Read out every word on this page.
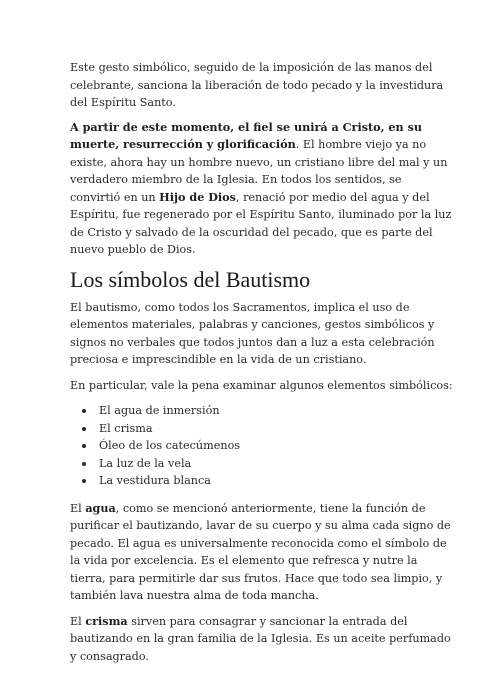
Este gesto simbólico, seguido de la imposición de las manos del celebrante, sanciona la liberación de todo pecado y la investidura del Espíritu Santo.

A partir de este momento, el fiel se unirá a Cristo, en su muerte, resurrección y glorificación. El hombre viejo ya no existe, ahora hay un hombre nuevo, un cristiano libre del mal y un verdadero miembro de la Iglesia. En todos los sentidos, se convirtió en un Hijo de Dios, renació por medio del agua y del Espíritu, fue regenerado por el Espíritu Santo, iluminado por la luz de Cristo y salvado de la oscuridad del pecado, que es parte del nuevo pueblo de Dios.

Los símbolos del Bautismo

El bautismo, como todos los Sacramentos, implica el uso de elementos materiales, palabras y canciones, gestos simbólicos y signos no verbales que todos juntos dan a luz a esta celebración preciosa e imprescindible en la vida de un cristiano.

En particular, vale la pena examinar algunos elementos simbólicos:

El agua de inmersión
El crisma
Óleo de los catecúmenos
La luz de la vela
La vestidura blanca

El agua, como se mencionó anteriormente, tiene la función de purificar el bautizando, lavar de su cuerpo y su alma cada signo de pecado. El agua es universalmente reconocida como el símbolo de la vida por excelencia. Es el elemento que refresca y nutre la tierra, para permitirle dar sus frutos. Hace que todo sea limpio, y también lava nuestra alma de toda mancha.

El crisma sirven para consagrar y sancionar la entrada del bautizando en la gran familia de la Iglesia. Es un aceite perfumado y consagrado.
